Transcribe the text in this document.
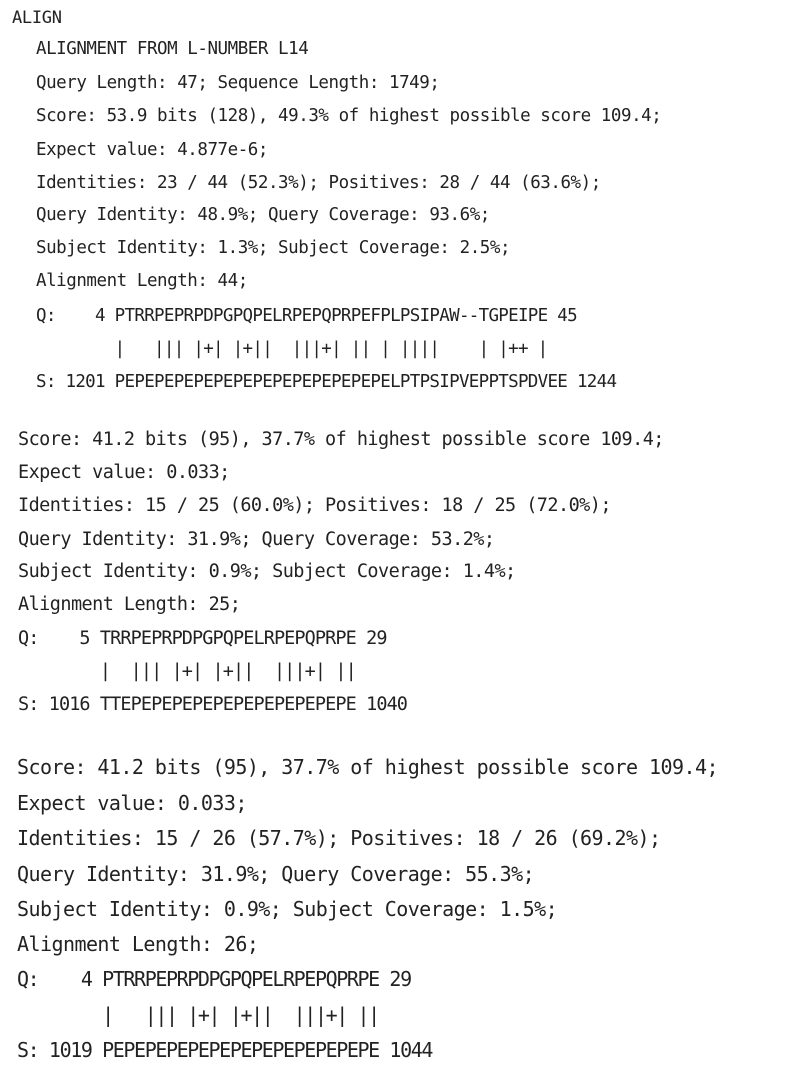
ALIGN
ALIGNMENT FROM L-NUMBER L14
Query Length: 47; Sequence Length: 1749;
Score: 53.9 bits (128), 49.3% of highest possible score 109.4;
Expect value: 4.877e-6;
Identities: 23 / 44 (52.3%); Positives: 28 / 44 (63.6%);
Query Identity: 48.9%; Query Coverage: 93.6%;
Subject Identity: 1.3%; Subject Coverage: 2.5%;
Alignment Length: 44;
Q:    4 PTRRPEPRPDPGPQPELRPEPQPRPEFPLPSIPAW--TGPEIPE 45
|   ||| |+| |+||  |||+| || | ||||    | |++ |
S: 1201 PEPEPEPEPEPEPEPEPEPEPEPEPEPELPTPSIPVEPPTSPDVEE 1244
Score: 41.2 bits (95), 37.7% of highest possible score 109.4;
Expect value: 0.033;
Identities: 15 / 25 (60.0%); Positives: 18 / 25 (72.0%);
Query Identity: 31.9%; Query Coverage: 53.2%;
Subject Identity: 0.9%; Subject Coverage: 1.4%;
Alignment Length: 25;
Q:    5 TRRPEPRPDPGPQPELRPEPQPRPE 29
|  ||| |+| |+||  |||+| ||
S: 1016 TTEPEPEPEPEPEPEPEPEPEPEPE 1040
Score: 41.2 bits (95), 37.7% of highest possible score 109.4;
Expect value: 0.033;
Identities: 15 / 26 (57.7%); Positives: 18 / 26 (69.2%);
Query Identity: 31.9%; Query Coverage: 55.3%;
Subject Identity: 0.9%; Subject Coverage: 1.5%;
Alignment Length: 26;
Q:    4 PTRRPEPRPDPGPQPELRPEPQPRPE 29
|   ||| |+| |+||  |||+| ||
S: 1019 PEPEPEPEPEPEPEPEPEPEPEPEPE 1044
